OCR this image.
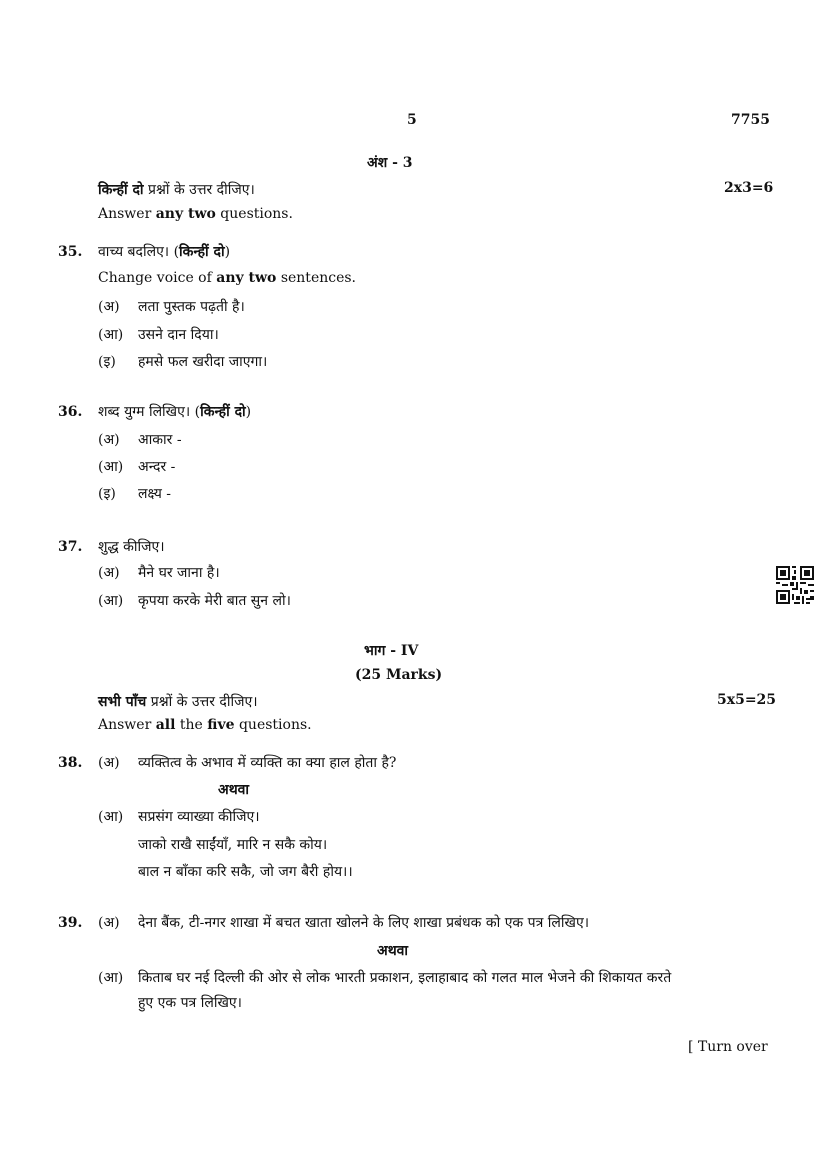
5	7755
अंश - 3
किन्हीं दो प्रश्नों के उत्तर दीजिए।	2x3=6
Answer any two questions.
35. वाच्य बदलिए। (किन्हीं दो)
Change voice of any two sentences.
(अ) लता पुस्तक पढ़ती है।
(आ) उसने दान दिया।
(इ) हमसे फल खरीदा जाएगा।
36. शब्द युग्म लिखिए। (किन्हीं दो)
(अ) आकार -
(आ) अन्दर -
(इ) लक्ष्य -
37. शुद्ध कीजिए।
(अ) मैने घर जाना है।
(आ) कृपया करके मेरी बात सुन लो।
भाग - IV
(25 Marks)
सभी पाँच प्रश्नों के उत्तर दीजिए।	5x5=25
Answer all the five questions.
38. (अ) व्यक्तित्व के अभाव में व्यक्ति का क्या हाल होता है?
अथवा
(आ) सप्रसंग व्याख्या कीजिए।
जाको राखै साईंयाँ, मारि न सकै कोय।
बाल न बाँका करि सकै, जो जग बैरी होय।।
39. (अ) देना बैंक, टी-नगर शाखा में बचत खाता खोलने के लिए शाखा प्रबंधक को एक पत्र लिखिए।
अथवा
(आ) किताब घर नई दिल्ली की ओर से लोक भारती प्रकाशन, इलाहाबाद को गलत माल भेजने की शिकायत करते
हुए एक पत्र लिखिए।
[ Turn over
